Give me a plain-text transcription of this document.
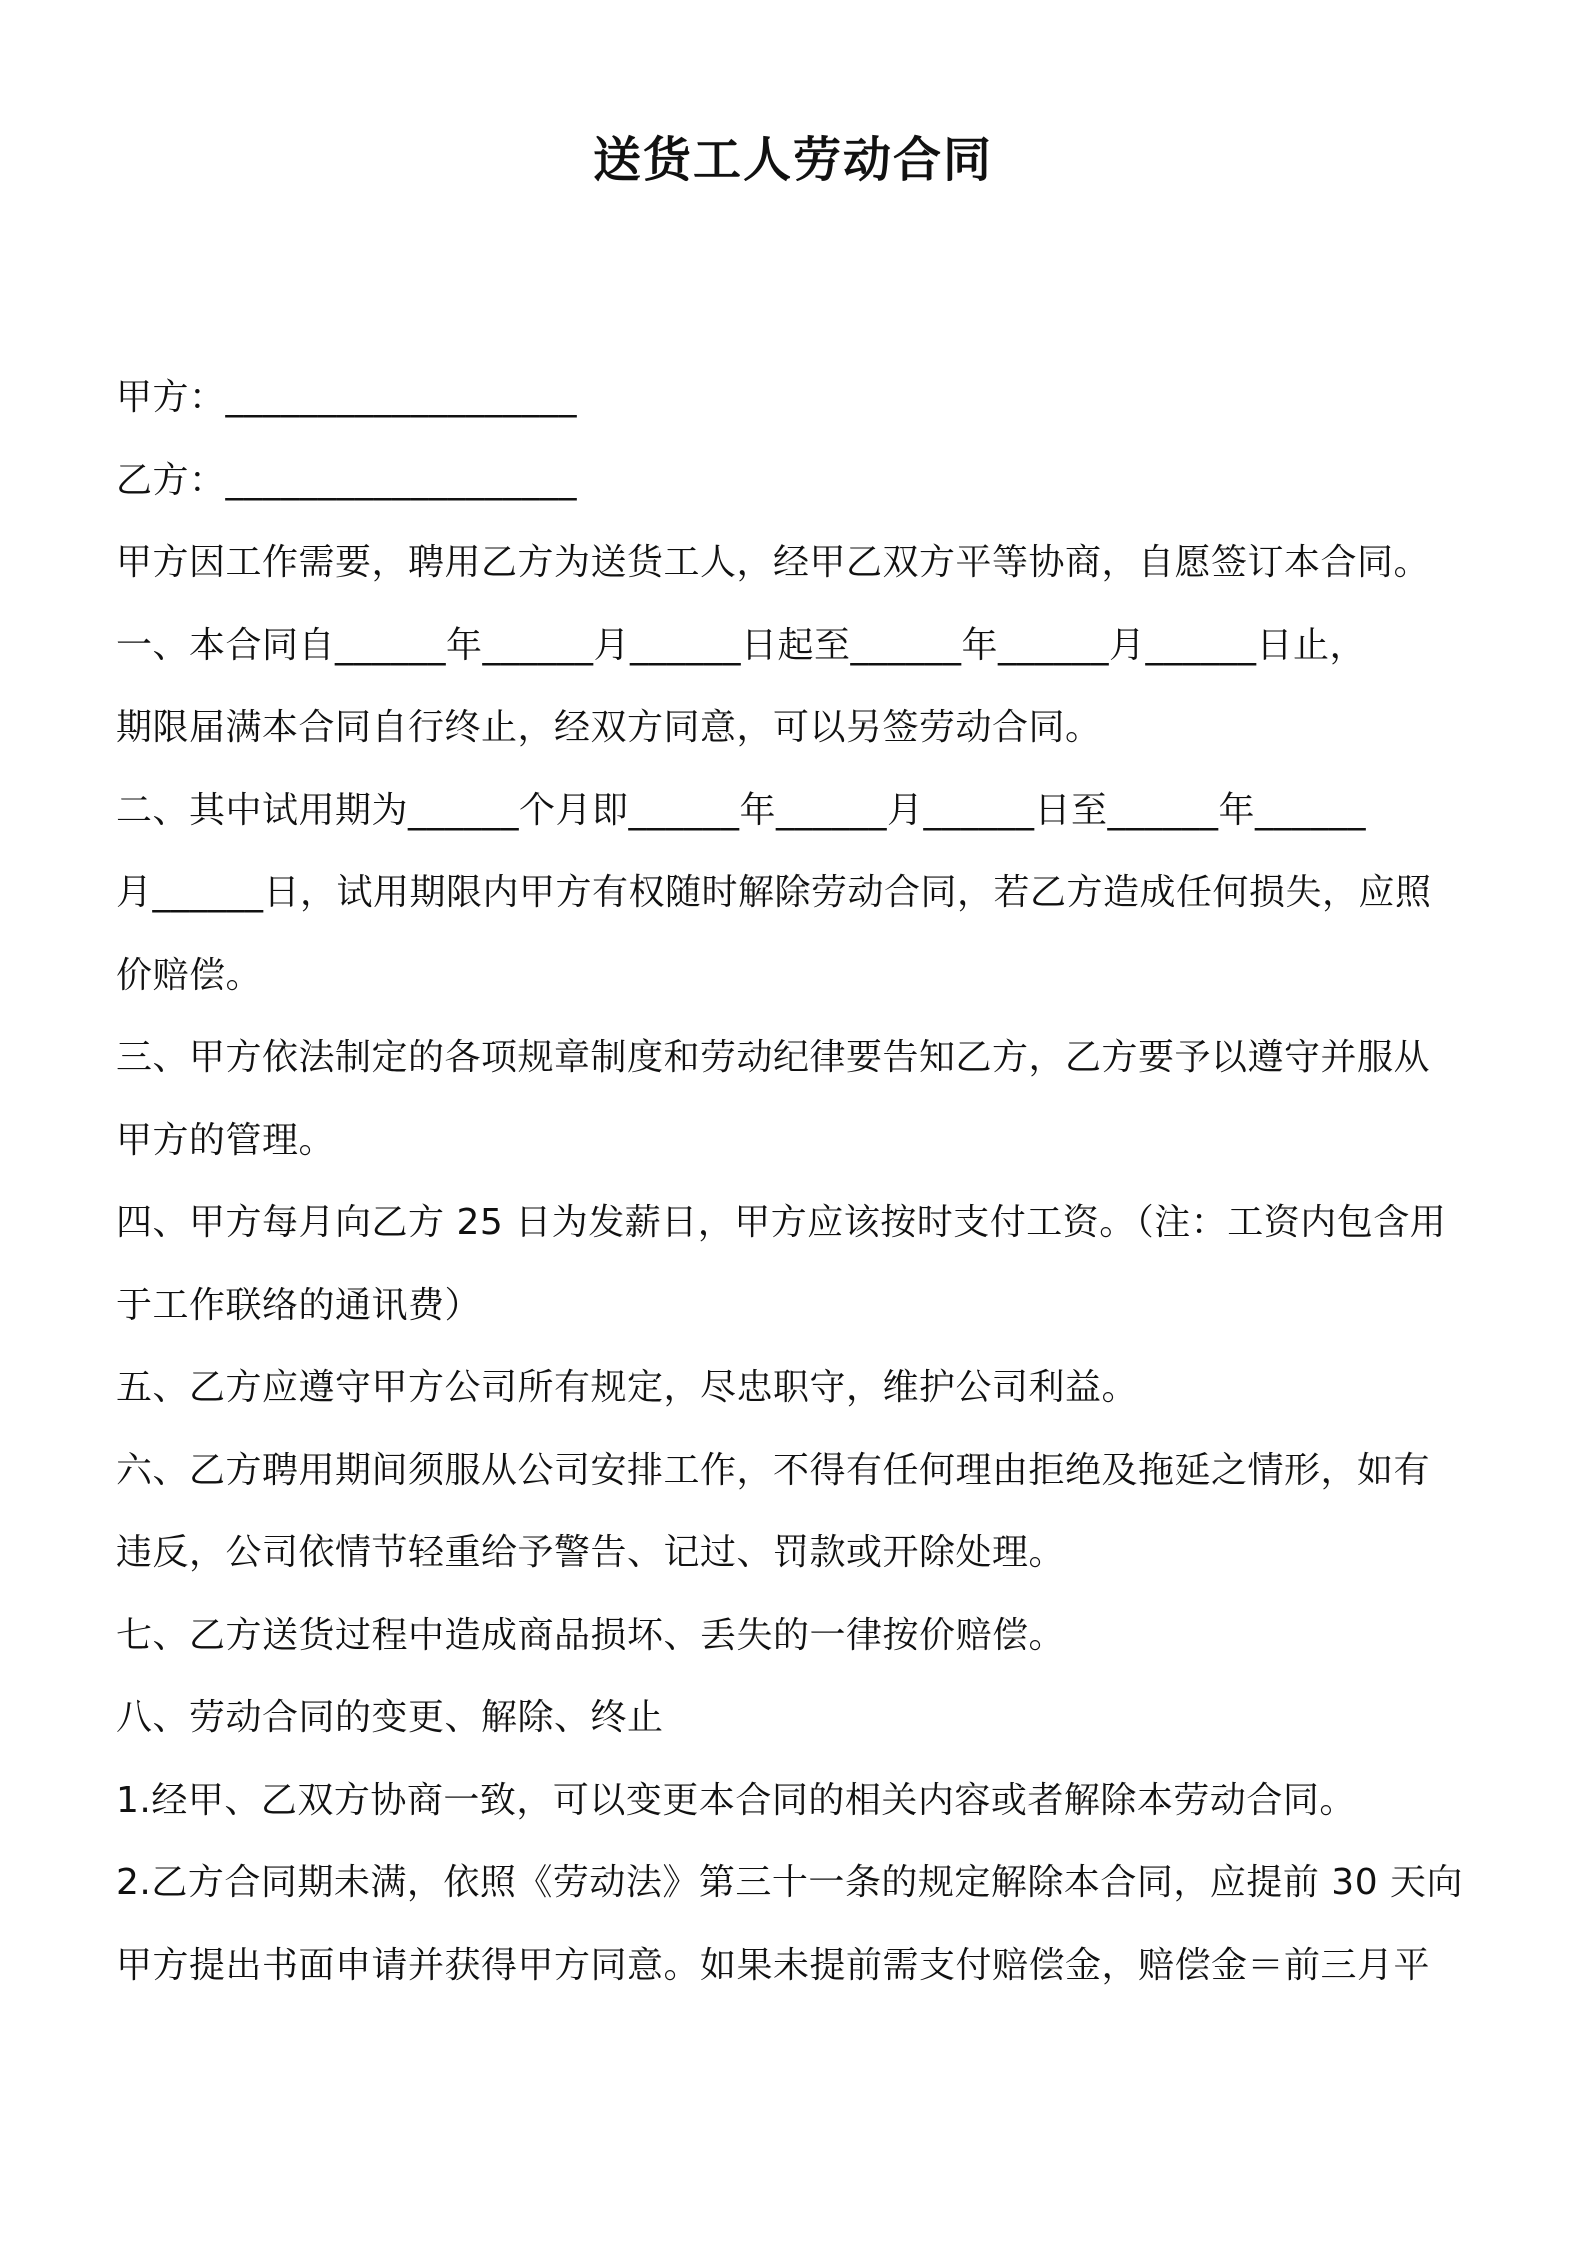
送货工人劳动合同
甲方：___________________
乙方：___________________
甲方因工作需要，聘用乙方为送货工人，经甲乙双方平等协商，自愿签订本合同。
一、本合同自______年______月______日起至______年______月______日止，
期限届满本合同自行终止，经双方同意，可以另签劳动合同。
二、其中试用期为______个月即______年______月______日至______年______
月______日，试用期限内甲方有权随时解除劳动合同，若乙方造成任何损失，应照
价赔偿。
三、甲方依法制定的各项规章制度和劳动纪律要告知乙方，乙方要予以遵守并服从
甲方的管理。
四、甲方每月向乙方 25 日为发薪日，甲方应该按时支付工资。（注：工资内包含用
于工作联络的通讯费）
五、乙方应遵守甲方公司所有规定，尽忠职守，维护公司利益。
六、乙方聘用期间须服从公司安排工作，不得有任何理由拒绝及拖延之情形，如有
违反，公司依情节轻重给予警告、记过、罚款或开除处理。
七、乙方送货过程中造成商品损坏、丢失的一律按价赔偿。
八、劳动合同的变更、解除、终止
1.经甲、乙双方协商一致，可以变更本合同的相关内容或者解除本劳动合同。
2.乙方合同期未满，依照《劳动法》第三十一条的规定解除本合同，应提前 30 天向
甲方提出书面申请并获得甲方同意。如果未提前需支付赔偿金，赔偿金＝前三月平
